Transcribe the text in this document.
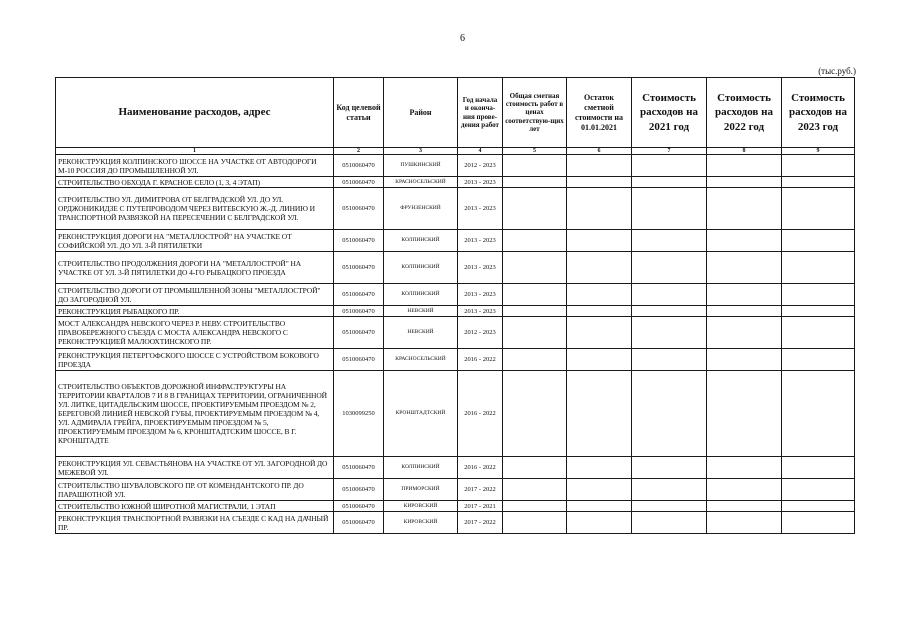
6
(тыс.руб.)
Наименование расходов, адрес	Код целевой статьи	Район	Год начала и оконча-ния прове-дения работ	Общая сметная стоимость работ в ценах соответствую-щих лет	Остаток сметной стоимости на 01.01.2021	Стоимость расходов на 2021 год	Стоимость расходов на 2022 год	Стоимость расходов на 2023 год
1	2	3	4	5	6	7	8	9
РЕКОНСТРУКЦИЯ КОЛПИНСКОГО ШОССЕ НА УЧАСТКЕ ОТ АВТОДОРОГИ М-10 РОССИЯ ДО ПРОМЫШЛЕННОЙ УЛ.	0510060470	ПУШКИНСКИЙ	2012 - 2023					
СТРОИТЕЛЬСТВО ОБХОДА Г. КРАСНОЕ СЕЛО (1, 3, 4 ЭТАП)	0510060470	КРАСНОСЕЛЬСКИЙ	2013 - 2023					
СТРОИТЕЛЬСТВО УЛ. ДИМИТРОВА ОТ БЕЛГРАДСКОЙ УЛ. ДО УЛ. ОРДЖОНИКИДЗЕ С ПУТЕПРОВОДОМ ЧЕРЕЗ ВИТЕБСКУЮ Ж.-Д. ЛИНИЮ И ТРАНСПОРТНОЙ РАЗВЯЗКОЙ НА ПЕРЕСЕЧЕНИИ С БЕЛГРАДСКОЙ УЛ.	0510060470	ФРУНЗЕНСКИЙ	2013 - 2023					
РЕКОНСТРУКЦИЯ ДОРОГИ НА "МЕТАЛЛОСТРОЙ" НА УЧАСТКЕ ОТ СОФИЙСКОЙ УЛ. ДО УЛ. 3-Й ПЯТИЛЕТКИ	0510060470	КОЛПИНСКИЙ	2013 - 2023					
СТРОИТЕЛЬСТВО ПРОДОЛЖЕНИЯ ДОРОГИ НА "МЕТАЛЛОСТРОЙ" НА УЧАСТКЕ ОТ УЛ. 3-Й ПЯТИЛЕТКИ ДО 4-ГО РЫБАЦКОГО ПРОЕЗДА	0510060470	КОЛПИНСКИЙ	2013 - 2023					
СТРОИТЕЛЬСТВО ДОРОГИ ОТ ПРОМЫШЛЕННОЙ ЗОНЫ "МЕТАЛЛОСТРОЙ" ДО ЗАГОРОДНОЙ УЛ.	0510060470	КОЛПИНСКИЙ	2013 - 2023					
РЕКОНСТРУКЦИЯ РЫБАЦКОГО ПР.	0510060470	НЕВСКИЙ	2013 - 2023					
МОСТ АЛЕКСАНДРА НЕВСКОГО ЧЕРЕЗ Р. НЕВУ. СТРОИТЕЛЬСТВО ПРАВОБЕРЕЖНОГО СЪЕЗДА С МОСТА АЛЕКСАНДРА НЕВСКОГО С РЕКОНСТРУКЦИЕЙ МАЛООХТИНСКОГО ПР.	0510060470	НЕВСКИЙ	2012 - 2023					
РЕКОНСТРУКЦИЯ ПЕТЕРГОФСКОГО ШОССЕ С УСТРОЙСТВОМ БОКОВОГО ПРОЕЗДА	0510060470	КРАСНОСЕЛЬСКИЙ	2016 - 2022					
СТРОИТЕЛЬСТВО ОБЪЕКТОВ ДОРОЖНОЙ ИНФРАСТРУКТУРЫ НА ТЕРРИТОРИИ КВАРТАЛОВ 7 И 8 В ГРАНИЦАХ ТЕРРИТОРИИ, ОГРАНИЧЕННОЙ УЛ. ЛИТКЕ, ЦИТАДЕЛЬСКИМ ШОССЕ, ПРОЕКТИРУЕМЫМ ПРОЕЗДОМ № 2, БЕРЕГОВОЙ ЛИНИЕЙ НЕВСКОЙ ГУБЫ, ПРОЕКТИРУЕМЫМ ПРОЕЗДОМ № 4, УЛ. АДМИРАЛА ГРЕЙГА, ПРОЕКТИРУЕМЫМ ПРОЕЗДОМ № 5, ПРОЕКТИРУЕМЫМ ПРОЕЗДОМ № 6, КРОНШТАДТСКИМ ШОССЕ, В Г. КРОНШТАДТЕ	1030099250	КРОНШТАДТСКИЙ	2016 - 2022					
РЕКОНСТРУКЦИЯ УЛ. СЕВАСТЬЯНОВА НА УЧАСТКЕ ОТ УЛ. ЗАГОРОДНОЙ ДО МЕЖЕВОЙ УЛ.	0510060470	КОЛПИНСКИЙ	2016 - 2022					
СТРОИТЕЛЬСТВО ШУВАЛОВСКОГО ПР. ОТ КОМЕНДАНТСКОГО ПР. ДО ПАРАШЮТНОЙ УЛ.	0510060470	ПРИМОРСКИЙ	2017 - 2022					
СТРОИТЕЛЬСТВО ЮЖНОЙ ШИРОТНОЙ МАГИСТРАЛИ, 1 ЭТАП	0510060470	КИРОВСКИЙ	2017 - 2021					
РЕКОНСТРУКЦИЯ ТРАНСПОРТНОЙ РАЗВЯЗКИ НА СЪЕЗДЕ С КАД НА ДАЧНЫЙ ПР.	0510060470	КИРОВСКИЙ	2017 - 2022					
